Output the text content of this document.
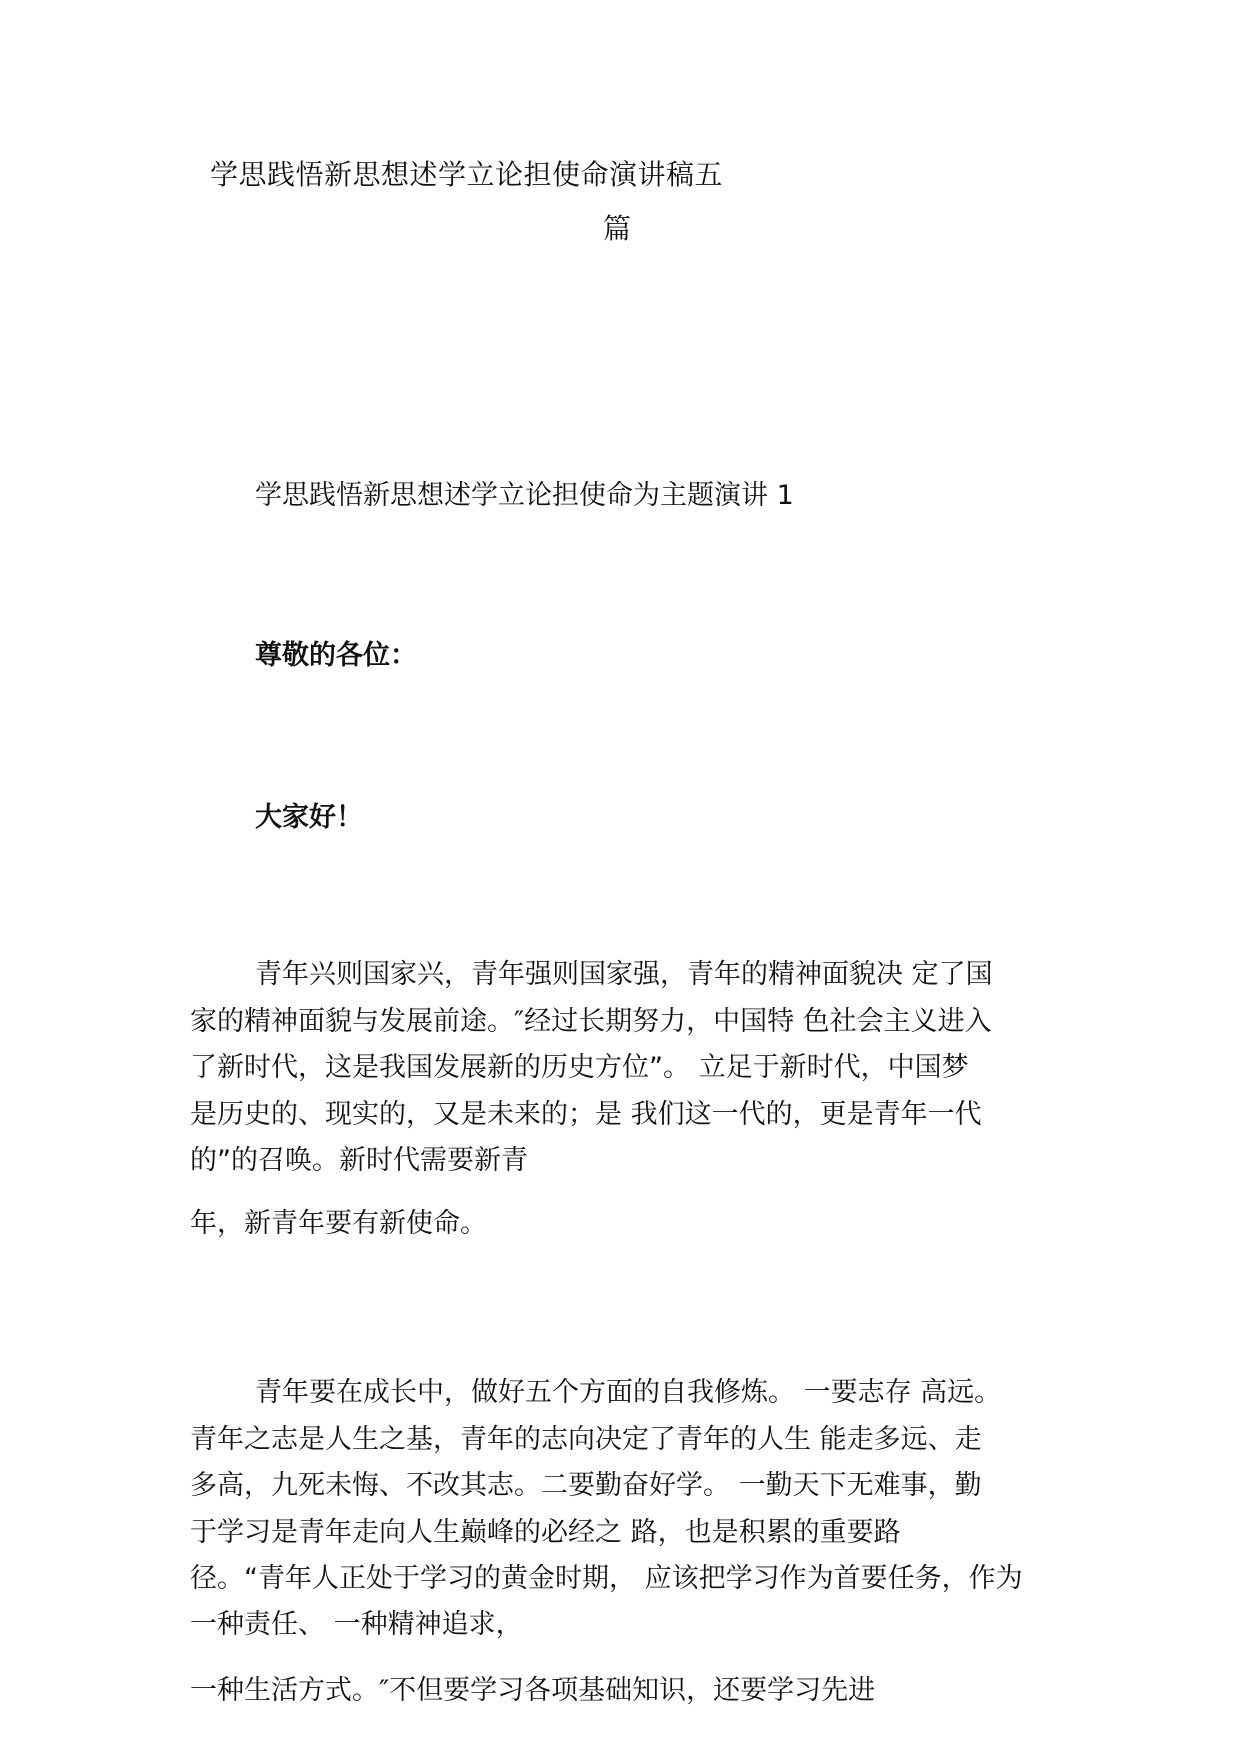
学思践悟新思想述学立论担使命演讲稿五
篇
学思践悟新思想述学立论担使命为主题演讲 1
尊敬的各位：
大家好！
青年兴则国家兴，青年强则国家强，青年的精神面貌决 定了国
家的精神面貌与发展前途。″经过长期努力，中国特 色社会主义进入
了新时代，这是我国发展新的历史方位”。 立足于新时代，中国梦
是历史的、现实的，又是未来的；是 我们这一代的，更是青年一代
的”的召唤。新时代需要新青
年，新青年要有新使命。
青年要在成长中，做好五个方面的自我修炼。 一要志存 高远。
青年之志是人生之基，青年的志向决定了青年的人生 能走多远、走
多高，九死未悔、不改其志。二要勤奋好学。 一勤天下无难事，勤
于学习是青年走向人生巅峰的必经之 路，也是积累的重要路
径。“青年人正处于学习的黄金时期， 应该把学习作为首要任务，作为
一种责任、 一种精神追求，
一种生活方式。″不但要学习各项基础知识，还要学习先进
